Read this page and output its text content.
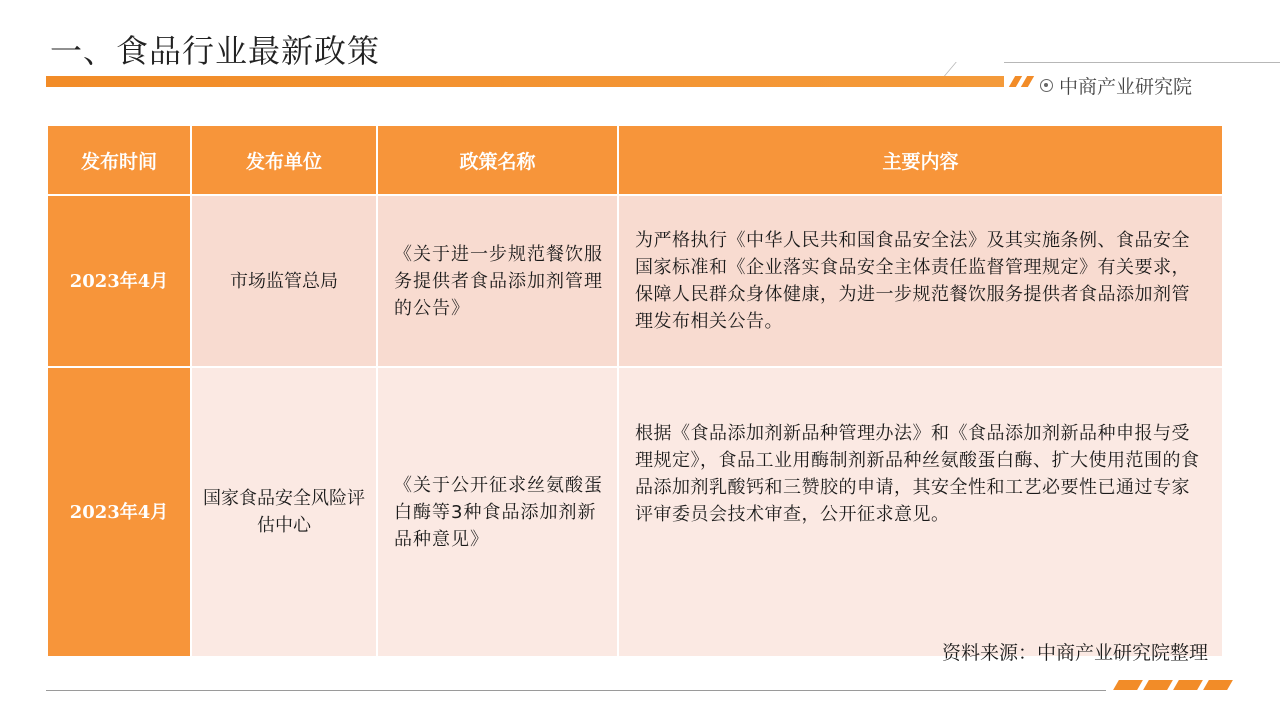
一、食品行业最新政策
中商产业研究院
发布时间	发布单位	政策名称	主要内容
2023年4月	市场监管总局	《关于进一步规范餐饮服务提供者食品添加剂管理的公告》	为严格执行《中华人民共和国食品安全法》及其实施条例、食品安全国家标准和《企业落实食品安全主体责任监督管理规定》有关要求，保障人民群众身体健康，为进一步规范餐饮服务提供者食品添加剂管理发布相关公告。
2023年4月	国家食品安全风险评估中心	《关于公开征求丝氨酸蛋白酶等3种食品添加剂新品种意见》	根据《食品添加剂新品种管理办法》和《食品添加剂新品种申报与受理规定》，食品工业用酶制剂新品种丝氨酸蛋白酶、扩大使用范围的食品添加剂乳酸钙和三赞胶的申请，其安全性和工艺必要性已通过专家评审委员会技术审查，公开征求意见。
资料来源：中商产业研究院整理
